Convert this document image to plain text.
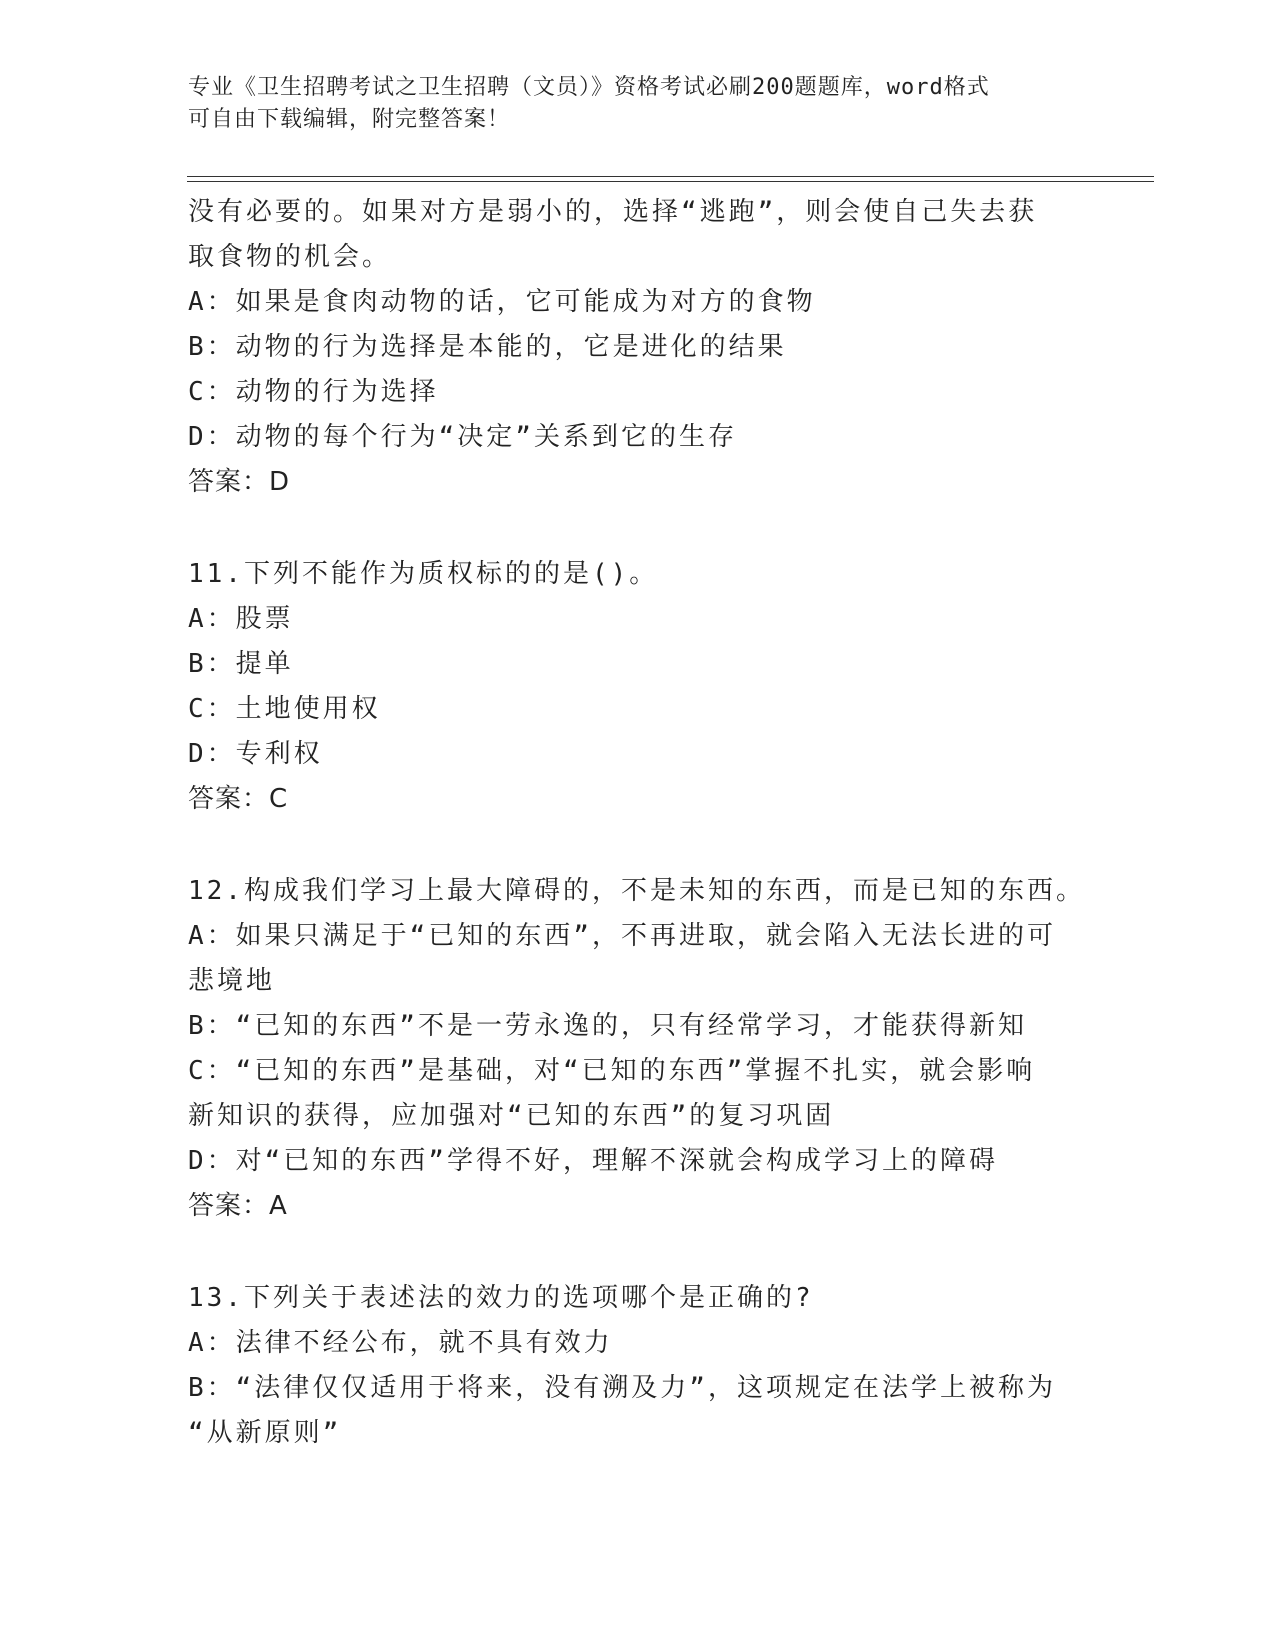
专业《卫生招聘考试之卫生招聘（文员）》资格考试必刷200题题库，word格式
可自由下载编辑，附完整答案！
没有必要的。如果对方是弱小的，选择“逃跑”，则会使自己失去获
取食物的机会。
A：如果是食肉动物的话，它可能成为对方的食物
B：动物的行为选择是本能的，它是进化的结果
C：动物的行为选择
D：动物的每个行为“决定”关系到它的生存
答案：D
11.下列不能作为质权标的的是()。
A：股票
B：提单
C：土地使用权
D：专利权
答案：C
12.构成我们学习上最大障碍的，不是未知的东西，而是已知的东西。
A：如果只满足于“已知的东西”，不再进取，就会陷入无法长进的可
悲境地
B：“已知的东西”不是一劳永逸的，只有经常学习，才能获得新知
C：“已知的东西”是基础，对“已知的东西”掌握不扎实，就会影响
新知识的获得，应加强对“已知的东西”的复习巩固
D：对“已知的东西”学得不好，理解不深就会构成学习上的障碍
答案：A
13.下列关于表述法的效力的选项哪个是正确的?
A：法律不经公布，就不具有效力
B：“法律仅仅适用于将来，没有溯及力”，这项规定在法学上被称为
“从新原则”
